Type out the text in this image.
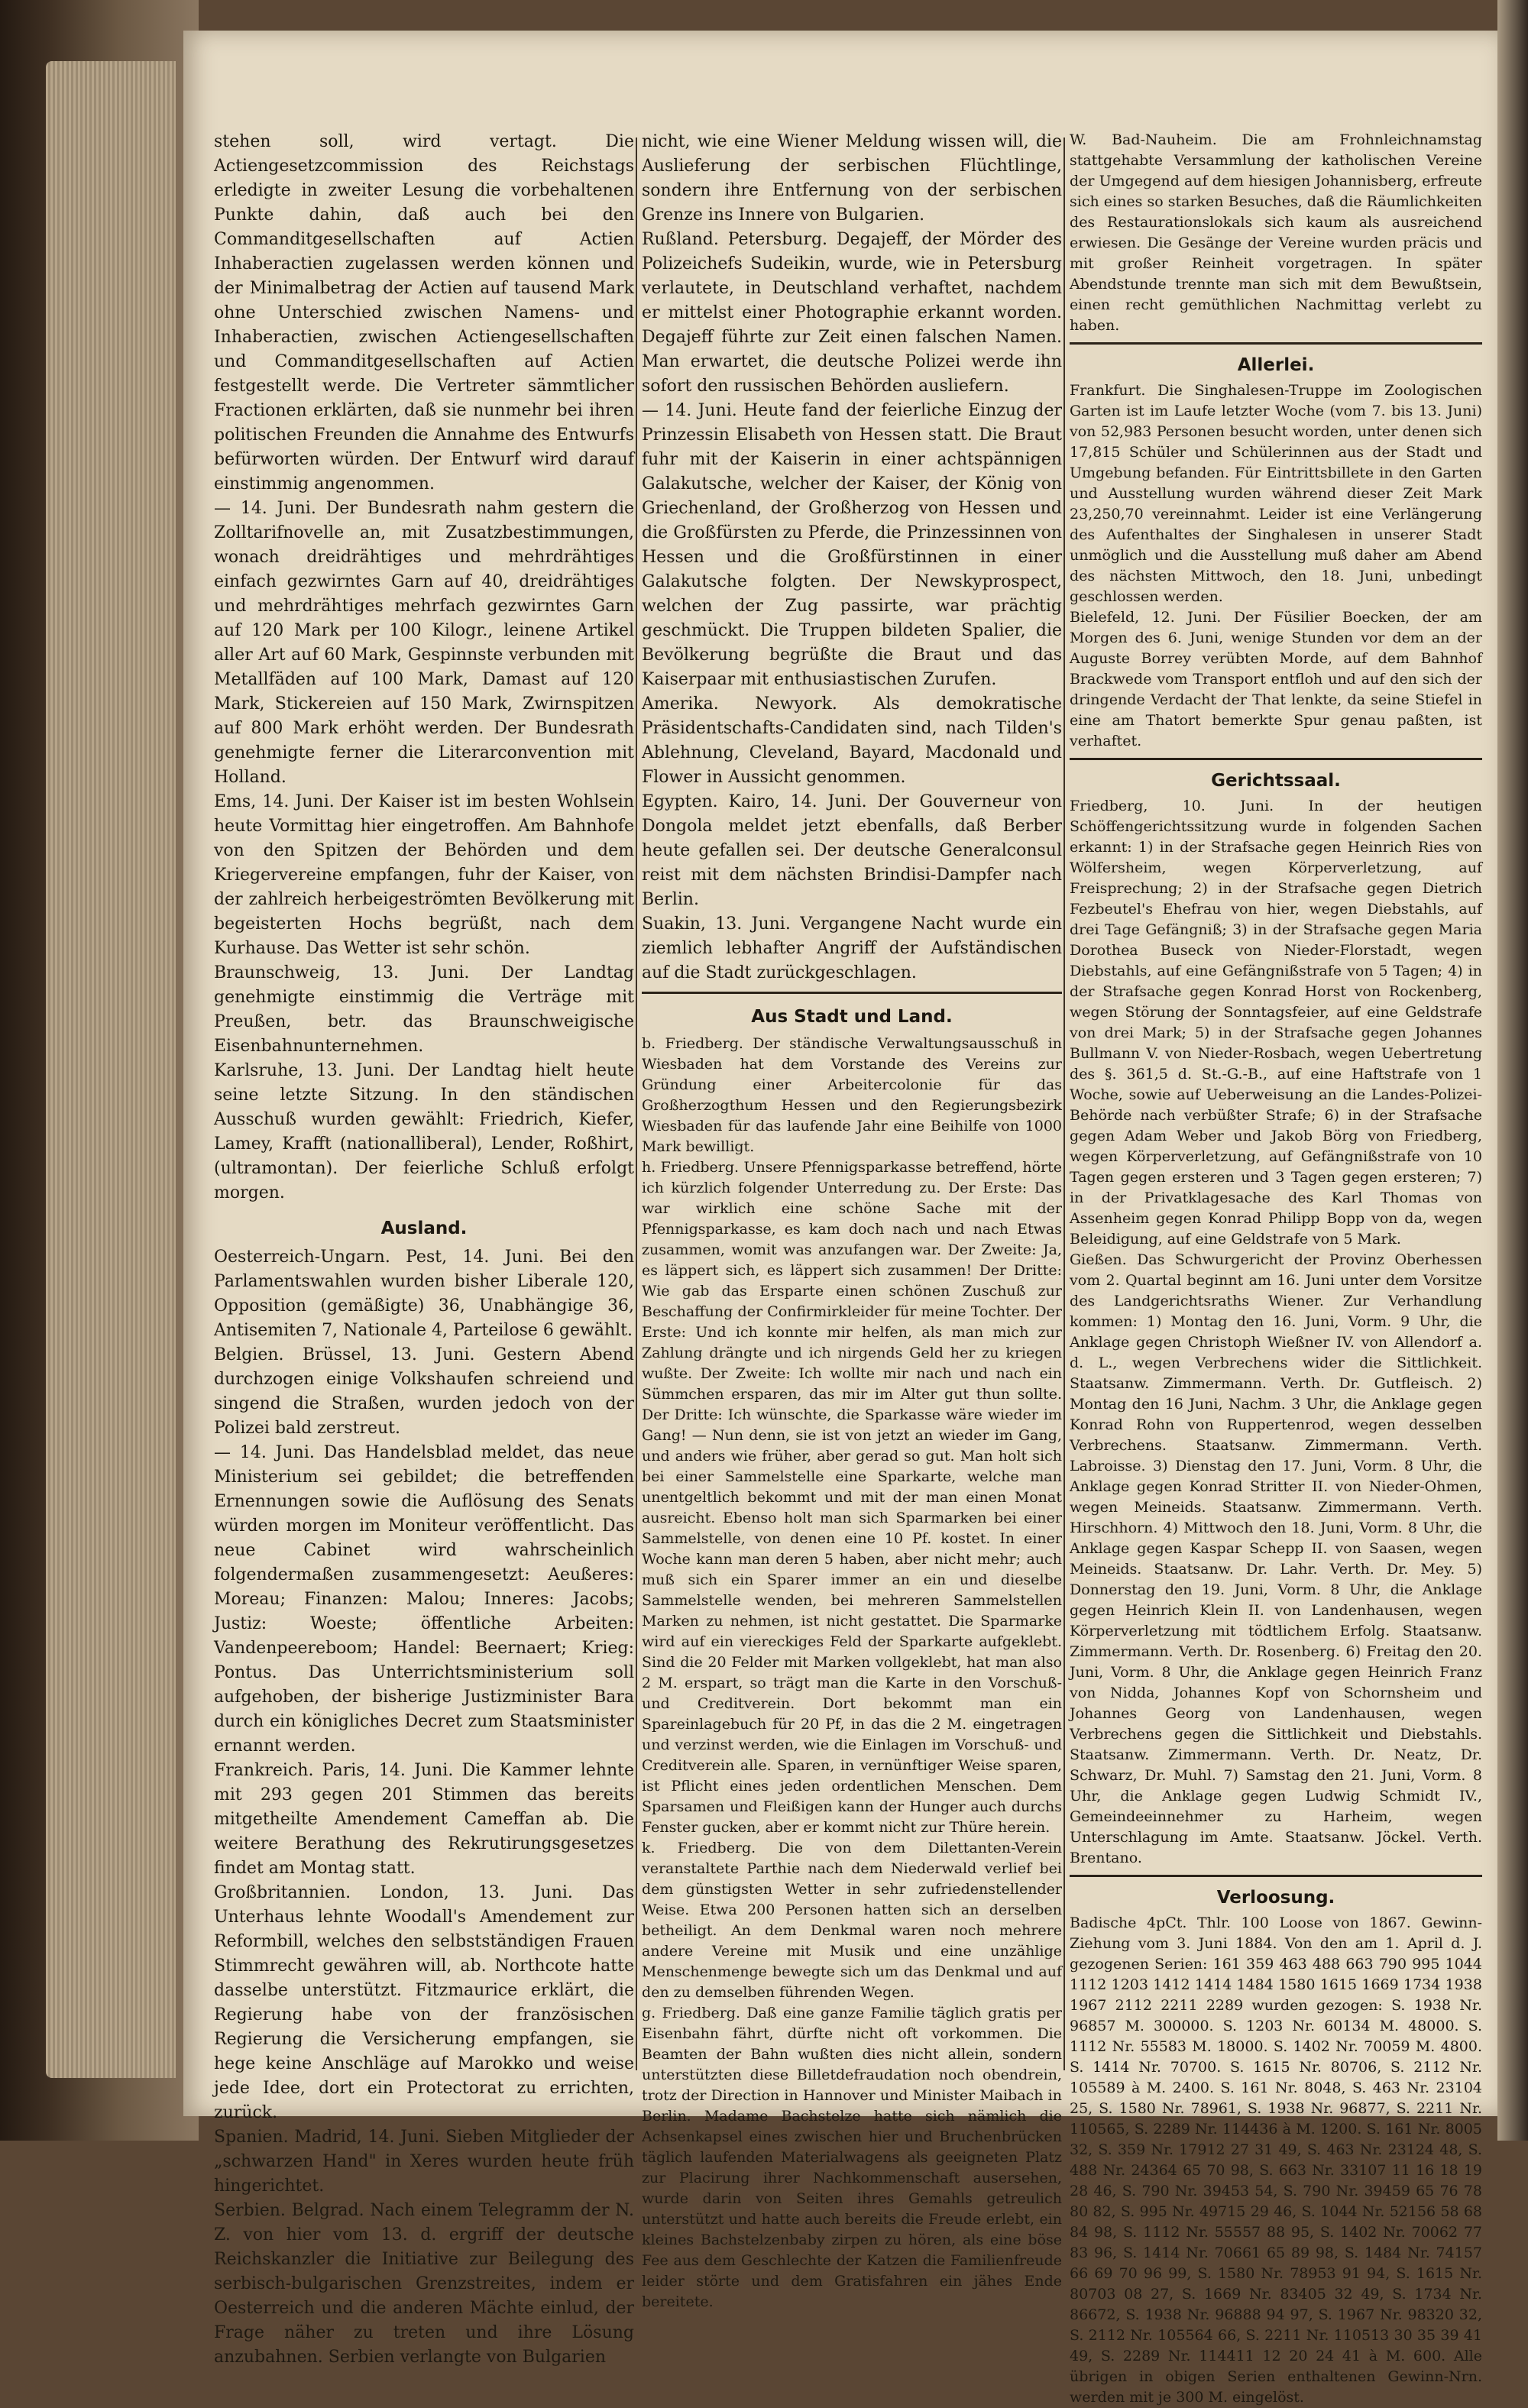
stehen soll, wird vertagt. Die Actiengesetzcommission des Reichstags erledigte in zweiter Lesung die vorbehaltenen Punkte dahin, daß auch bei den Commanditgesellschaften auf Actien Inhaberactien zugelassen werden können und der Minimalbetrag der Actien auf tausend Mark ohne Unterschied zwischen Namens- und Inhaberactien, zwischen Actiengesellschaften und Commanditgesellschaften auf Actien festgestellt werde. Die Vertreter sämmtlicher Fractionen erklärten, daß sie nunmehr bei ihren politischen Freunden die Annahme des Entwurfs befürworten würden. Der Entwurf wird darauf einstimmig angenommen.

— 14. Juni. Der Bundesrath nahm gestern die Zolltarifnovelle an, mit Zusatzbestimmungen, wonach dreidrähtiges und mehrdrähtiges einfach gezwirntes Garn auf 40, dreidrähtiges und mehrdrähtiges mehrfach gezwirntes Garn auf 120 Mark per 100 Kilogr., leinene Artikel aller Art auf 60 Mark, Gespinnste verbunden mit Metallfäden auf 100 Mark, Damast auf 120 Mark, Stickereien auf 150 Mark, Zwirnspitzen auf 800 Mark erhöht werden. Der Bundesrath genehmigte ferner die Literarconvention mit Holland.

Ems, 14. Juni. Der Kaiser ist im besten Wohlsein heute Vormittag hier eingetroffen. Am Bahnhofe von den Spitzen der Behörden und dem Kriegervereine empfangen, fuhr der Kaiser, von der zahlreich herbeigeströmten Bevölkerung mit begeisterten Hochs begrüßt, nach dem Kurhause. Das Wetter ist sehr schön.

Braunschweig, 13. Juni. Der Landtag genehmigte einstimmig die Verträge mit Preußen, betr. das Braunschweigische Eisenbahnunternehmen.

Karlsruhe, 13. Juni. Der Landtag hielt heute seine letzte Sitzung. In den ständischen Ausschuß wurden gewählt: Friedrich, Kiefer, Lamey, Krafft (nationalliberal), Lender, Roßhirt, (ultramontan). Der feierliche Schluß erfolgt morgen.

Ausland.

Oesterreich-Ungarn. Pest, 14. Juni. Bei den Parlamentswahlen wurden bisher Liberale 120, Opposition (gemäßigte) 36, Unabhängige 36, Antisemiten 7, Nationale 4, Parteilose 6 gewählt.

Belgien. Brüssel, 13. Juni. Gestern Abend durchzogen einige Volkshaufen schreiend und singend die Straßen, wurden jedoch von der Polizei bald zerstreut.

— 14. Juni. Das Handelsblad meldet, das neue Ministerium sei gebildet; die betreffenden Ernennungen sowie die Auflösung des Senats würden morgen im Moniteur veröffentlicht. Das neue Cabinet wird wahrscheinlich folgendermaßen zusammengesetzt: Aeußeres: Moreau; Finanzen: Malou; Inneres: Jacobs; Justiz: Woeste; öffentliche Arbeiten: Vandenpeereboom; Handel: Beernaert; Krieg: Pontus. Das Unterrichtsministerium soll aufgehoben, der bisherige Justizminister Bara durch ein königliches Decret zum Staatsminister ernannt werden.

Frankreich. Paris, 14. Juni. Die Kammer lehnte mit 293 gegen 201 Stimmen das bereits mitgetheilte Amendement Cameffan ab. Die weitere Berathung des Rekrutirungsgesetzes findet am Montag statt.

Großbritannien. London, 13. Juni. Das Unterhaus lehnte Woodall's Amendement zur Reformbill, welches den selbstständigen Frauen Stimmrecht gewähren will, ab. Northcote hatte dasselbe unterstützt. Fitzmaurice erklärt, die Regierung habe von der französischen Regierung die Versicherung empfangen, sie hege keine Anschläge auf Marokko und weise jede Idee, dort ein Protectorat zu errichten, zurück.

Spanien. Madrid, 14. Juni. Sieben Mitglieder der „schwarzen Hand" in Xeres wurden heute früh hingerichtet.

Serbien. Belgrad. Nach einem Telegramm der N. Z. von hier vom 13. d. ergriff der deutsche Reichskanzler die Initiative zur Beilegung des serbisch-bulgarischen Grenzstreites, indem er Oesterreich und die anderen Mächte einlud, der Frage näher zu treten und ihre Lösung anzubahnen. Serbien verlangte von Bulgarien

nicht, wie eine Wiener Meldung wissen will, die Auslieferung der serbischen Flüchtlinge, sondern ihre Entfernung von der serbischen Grenze ins Innere von Bulgarien.

Rußland. Petersburg. Degajeff, der Mörder des Polizeichefs Sudeikin, wurde, wie in Petersburg verlautete, in Deutschland verhaftet, nachdem er mittelst einer Photographie erkannt worden. Degajeff führte zur Zeit einen falschen Namen. Man erwartet, die deutsche Polizei werde ihn sofort den russischen Behörden ausliefern.

— 14. Juni. Heute fand der feierliche Einzug der Prinzessin Elisabeth von Hessen statt. Die Braut fuhr mit der Kaiserin in einer achtspännigen Galakutsche, welcher der Kaiser, der König von Griechenland, der Großherzog von Hessen und die Großfürsten zu Pferde, die Prinzessinnen von Hessen und die Großfürstinnen in einer Galakutsche folgten. Der Newskyprospect, welchen der Zug passirte, war prächtig geschmückt. Die Truppen bildeten Spalier, die Bevölkerung begrüßte die Braut und das Kaiserpaar mit enthusiastischen Zurufen.

Amerika. Newyork. Als demokratische Präsidentschafts-Candidaten sind, nach Tilden's Ablehnung, Cleveland, Bayard, Macdonald und Flower in Aussicht genommen.

Egypten. Kairo, 14. Juni. Der Gouverneur von Dongola meldet jetzt ebenfalls, daß Berber heute gefallen sei. Der deutsche Generalconsul reist mit dem nächsten Brindisi-Dampfer nach Berlin.

Suakin, 13. Juni. Vergangene Nacht wurde ein ziemlich lebhafter Angriff der Aufständischen auf die Stadt zurückgeschlagen.

Aus Stadt und Land.

b. Friedberg. Der ständische Verwaltungsausschuß in Wiesbaden hat dem Vorstande des Vereins zur Gründung einer Arbeitercolonie für das Großherzogthum Hessen und den Regierungsbezirk Wiesbaden für das laufende Jahr eine Beihilfe von 1000 Mark bewilligt.

h. Friedberg. Unsere Pfennigsparkasse betreffend, hörte ich kürzlich folgender Unterredung zu. Der Erste: Das war wirklich eine schöne Sache mit der Pfennigsparkasse, es kam doch nach und nach Etwas zusammen, womit was anzufangen war. Der Zweite: Ja, es läppert sich, es läppert sich zusammen! Der Dritte: Wie gab das Ersparte einen schönen Zuschuß zur Beschaffung der Confirmirkleider für meine Tochter. Der Erste: Und ich konnte mir helfen, als man mich zur Zahlung drängte und ich nirgends Geld her zu kriegen wußte. Der Zweite: Ich wollte mir nach und nach ein Sümmchen ersparen, das mir im Alter gut thun sollte. Der Dritte: Ich wünschte, die Sparkasse wäre wieder im Gang! — Nun denn, sie ist von jetzt an wieder im Gang, und anders wie früher, aber gerad so gut. Man holt sich bei einer Sammelstelle eine Sparkarte, welche man unentgeltlich bekommt und mit der man einen Monat ausreicht. Ebenso holt man sich Sparmarken bei einer Sammelstelle, von denen eine 10 Pf. kostet. In einer Woche kann man deren 5 haben, aber nicht mehr; auch muß sich ein Sparer immer an ein und dieselbe Sammelstelle wenden, bei mehreren Sammelstellen Marken zu nehmen, ist nicht gestattet. Die Sparmarke wird auf ein viereckiges Feld der Sparkarte aufgeklebt. Sind die 20 Felder mit Marken vollgeklebt, hat man also 2 M. erspart, so trägt man die Karte in den Vorschuß- und Creditverein. Dort bekommt man ein Spareinlagebuch für 20 Pf, in das die 2 M. eingetragen und verzinst werden, wie die Einlagen im Vorschuß- und Creditverein alle. Sparen, in vernünftiger Weise sparen, ist Pflicht eines jeden ordentlichen Menschen. Dem Sparsamen und Fleißigen kann der Hunger auch durchs Fenster gucken, aber er kommt nicht zur Thüre herein.

k. Friedberg. Die von dem Dilettanten-Verein veranstaltete Parthie nach dem Niederwald verlief bei dem günstigsten Wetter in sehr zufriedenstellender Weise. Etwa 200 Personen hatten sich an derselben betheiligt. An dem Denkmal waren noch mehrere andere Vereine mit Musik und eine unzählige Menschenmenge bewegte sich um das Denkmal und auf den zu demselben führenden Wegen.

g. Friedberg. Daß eine ganze Familie täglich gratis per Eisenbahn fährt, dürfte nicht oft vorkommen. Die Beamten der Bahn wußten dies nicht allein, sondern unterstützten diese Billetdefraudation noch obendrein, trotz der Direction in Hannover und Minister Maibach in Berlin. Madame Bachstelze hatte sich nämlich die Achsenkapsel eines zwischen hier und Bruchenbrücken täglich laufenden Materialwagens als geeigneten Platz zur Placirung ihrer Nachkommenschaft ausersehen, wurde darin von Seiten ihres Gemahls getreulich unterstützt und hatte auch bereits die Freude erlebt, ein kleines Bachstelzenbaby zirpen zu hören, als eine böse Fee aus dem Geschlechte der Katzen die Familienfreude leider störte und dem Gratisfahren ein jähes Ende bereitete.

W. Bad-Nauheim. Die am Frohnleichnamstag stattgehabte Versammlung der katholischen Vereine der Umgegend auf dem hiesigen Johannisberg, erfreute sich eines so starken Besuches, daß die Räumlichkeiten des Restaurationslokals sich kaum als ausreichend erwiesen. Die Gesänge der Vereine wurden präcis und mit großer Reinheit vorgetragen. In später Abendstunde trennte man sich mit dem Bewußtsein, einen recht gemüthlichen Nachmittag verlebt zu haben.

Allerlei.

Frankfurt. Die Singhalesen-Truppe im Zoologischen Garten ist im Laufe letzter Woche (vom 7. bis 13. Juni) von 52,983 Personen besucht worden, unter denen sich 17,815 Schüler und Schülerinnen aus der Stadt und Umgebung befanden. Für Eintrittsbillete in den Garten und Ausstellung wurden während dieser Zeit Mark 23,250,70 vereinnahmt. Leider ist eine Verlängerung des Aufenthaltes der Singhalesen in unserer Stadt unmöglich und die Ausstellung muß daher am Abend des nächsten Mittwoch, den 18. Juni, unbedingt geschlossen werden.

Bielefeld, 12. Juni. Der Füsilier Boecken, der am Morgen des 6. Juni, wenige Stunden vor dem an der Auguste Borrey verübten Morde, auf dem Bahnhof Brackwede vom Transport entfloh und auf den sich der dringende Verdacht der That lenkte, da seine Stiefel in eine am Thatort bemerkte Spur genau paßten, ist verhaftet.

Gerichtssaal.

Friedberg, 10. Juni. In der heutigen Schöffengerichtssitzung wurde in folgenden Sachen erkannt: 1) in der Strafsache gegen Heinrich Ries von Wölfersheim, wegen Körperverletzung, auf Freisprechung; 2) in der Strafsache gegen Dietrich Fezbeutel's Ehefrau von hier, wegen Diebstahls, auf drei Tage Gefängniß; 3) in der Strafsache gegen Maria Dorothea Buseck von Nieder-Florstadt, wegen Diebstahls, auf eine Gefängnißstrafe von 5 Tagen; 4) in der Strafsache gegen Konrad Horst von Rockenberg, wegen Störung der Sonntagsfeier, auf eine Geldstrafe von drei Mark; 5) in der Strafsache gegen Johannes Bullmann V. von Nieder-Rosbach, wegen Uebertretung des §. 361,5 d. St.-G.-B., auf eine Haftstrafe von 1 Woche, sowie auf Ueberweisung an die Landes-Polizei-Behörde nach verbüßter Strafe; 6) in der Strafsache gegen Adam Weber und Jakob Börg von Friedberg, wegen Körperverletzung, auf Gefängnißstrafe von 10 Tagen gegen ersteren und 3 Tagen gegen ersteren; 7) in der Privatklagesache des Karl Thomas von Assenheim gegen Konrad Philipp Bopp von da, wegen Beleidigung, auf eine Geldstrafe von 5 Mark.

Gießen. Das Schwurgericht der Provinz Oberhessen vom 2. Quartal beginnt am 16. Juni unter dem Vorsitze des Landgerichtsraths Wiener. Zur Verhandlung kommen: 1) Montag den 16. Juni, Vorm. 9 Uhr, die Anklage gegen Christoph Wießner IV. von Allendorf a. d. L., wegen Verbrechens wider die Sittlichkeit. Staatsanw. Zimmermann. Verth. Dr. Gutfleisch. 2) Montag den 16 Juni, Nachm. 3 Uhr, die Anklage gegen Konrad Rohn von Ruppertenrod, wegen desselben Verbrechens. Staatsanw. Zimmermann. Verth. Labroisse. 3) Dienstag den 17. Juni, Vorm. 8 Uhr, die Anklage gegen Konrad Stritter II. von Nieder-Ohmen, wegen Meineids. Staatsanw. Zimmermann. Verth. Hirschhorn. 4) Mittwoch den 18. Juni, Vorm. 8 Uhr, die Anklage gegen Kaspar Schepp II. von Saasen, wegen Meineids. Staatsanw. Dr. Lahr. Verth. Dr. Mey. 5) Donnerstag den 19. Juni, Vorm. 8 Uhr, die Anklage gegen Heinrich Klein II. von Landenhausen, wegen Körperverletzung mit tödtlichem Erfolg. Staatsanw. Zimmermann. Verth. Dr. Rosenberg. 6) Freitag den 20. Juni, Vorm. 8 Uhr, die Anklage gegen Heinrich Franz von Nidda, Johannes Kopf von Schornsheim und Johannes Georg von Landenhausen, wegen Verbrechens gegen die Sittlichkeit und Diebstahls. Staatsanw. Zimmermann. Verth. Dr. Neatz, Dr. Schwarz, Dr. Muhl. 7) Samstag den 21. Juni, Vorm. 8 Uhr, die Anklage gegen Ludwig Schmidt IV., Gemeindeeinnehmer zu Harheim, wegen Unterschlagung im Amte. Staatsanw. Jöckel. Verth. Brentano.

Verloosung.

Badische 4pCt. Thlr. 100 Loose von 1867. Gewinn-Ziehung vom 3. Juni 1884. Von den am 1. April d. J. gezogenen Serien: 161 359 463 488 663 790 995 1044 1112 1203 1412 1414 1484 1580 1615 1669 1734 1938 1967 2112 2211 2289 wurden gezogen: S. 1938 Nr. 96857 M. 300000. S. 1203 Nr. 60134 M. 48000. S. 1112 Nr. 55583 M. 18000. S. 1402 Nr. 70059 M. 4800. S. 1414 Nr. 70700. S. 1615 Nr. 80706, S. 2112 Nr. 105589 à M. 2400. S. 161 Nr. 8048, S. 463 Nr. 23104 25, S. 1580 Nr. 78961, S. 1938 Nr. 96877, S. 2211 Nr. 110565, S. 2289 Nr. 114436 à M. 1200. S. 161 Nr. 8005 32, S. 359 Nr. 17912 27 31 49, S. 463 Nr. 23124 48, S. 488 Nr. 24364 65 70 98, S. 663 Nr. 33107 11 16 18 19 28 46, S. 790 Nr. 39453 54, S. 790 Nr. 39459 65 76 78 80 82, S. 995 Nr. 49715 29 46, S. 1044 Nr. 52156 58 68 84 98, S. 1112 Nr. 55557 88 95, S. 1402 Nr. 70062 77 83 96, S. 1414 Nr. 70661 65 89 98, S. 1484 Nr. 74157 66 69 70 96 99, S. 1580 Nr. 78953 91 94, S. 1615 Nr. 80703 08 27, S. 1669 Nr. 83405 32 49, S. 1734 Nr. 86672, S. 1938 Nr. 96888 94 97, S. 1967 Nr. 98320 32, S. 2112 Nr. 105564 66, S. 2211 Nr. 110513 30 35 39 41 49, S. 2289 Nr. 114411 12 20 24 41 à M. 600. Alle übrigen in obigen Serien enthaltenen Gewinn-Nrn. werden mit je 300 M. eingelöst.
